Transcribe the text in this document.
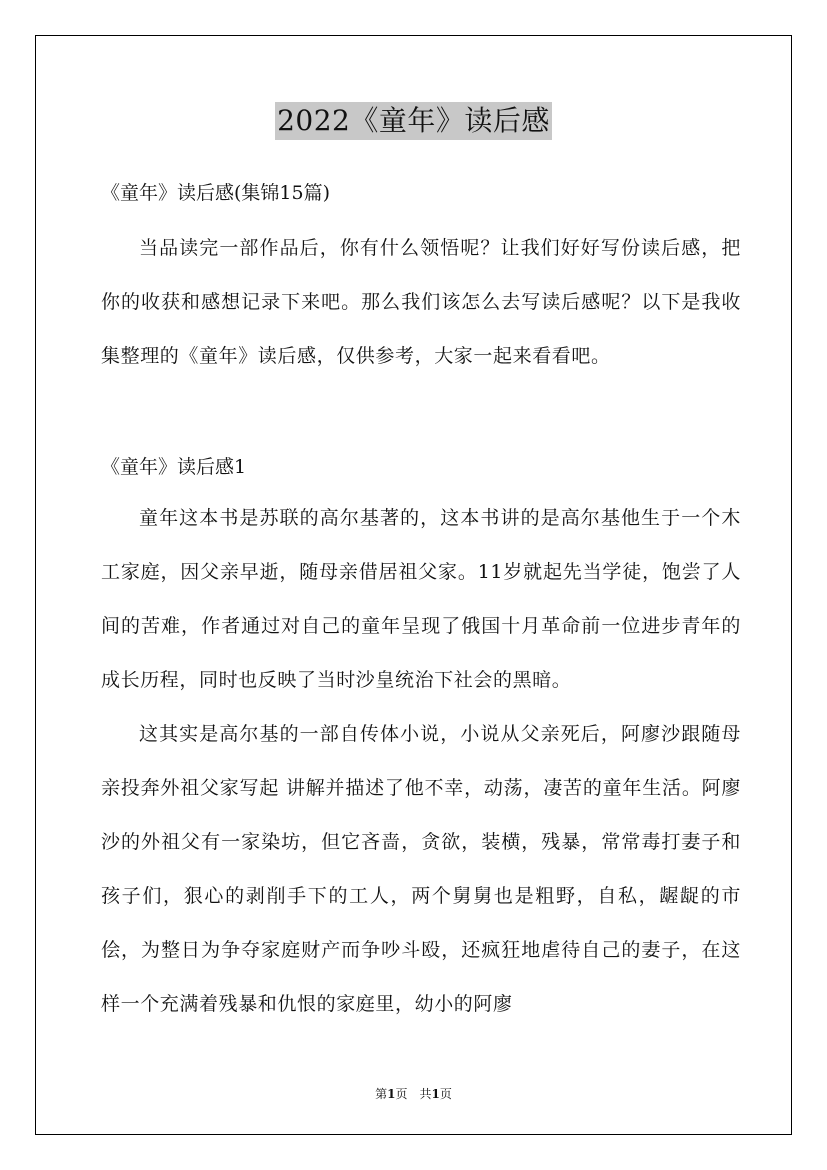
2022《童年》读后感

《童年》读后感(集锦15篇)

当品读完一部作品后，你有什么领悟呢？让我们好好写份读后感，把你的收获和感想记录下来吧。那么我们该怎么去写读后感呢？以下是我收集整理的《童年》读后感，仅供参考，大家一起来看看吧。

《童年》读后感1

童年这本书是苏联的高尔基著的，这本书讲的是高尔基他生于一个木工家庭，因父亲早逝，随母亲借居祖父家。11岁就起先当学徒，饱尝了人间的苦难，作者通过对自己的童年呈现了俄国十月革命前一位进步青年的成长历程，同时也反映了当时沙皇统治下社会的黑暗。

这其实是高尔基的一部自传体小说，小说从父亲死后，阿廖沙跟随母亲投奔外祖父家写起 讲解并描述了他不幸，动荡，凄苦的童年生活。阿廖沙的外祖父有一家染坊，但它吝啬，贪欲，装横，残暴，常常毒打妻子和孩子们，狠心的剥削手下的工人，两个舅舅也是粗野，自私，龌龊的市侩，为整日为争夺家庭财产而争吵斗殴，还疯狂地虐待自己的妻子，在这样一个充满着残暴和仇恨的家庭里，幼小的阿廖

第1页　共1页
